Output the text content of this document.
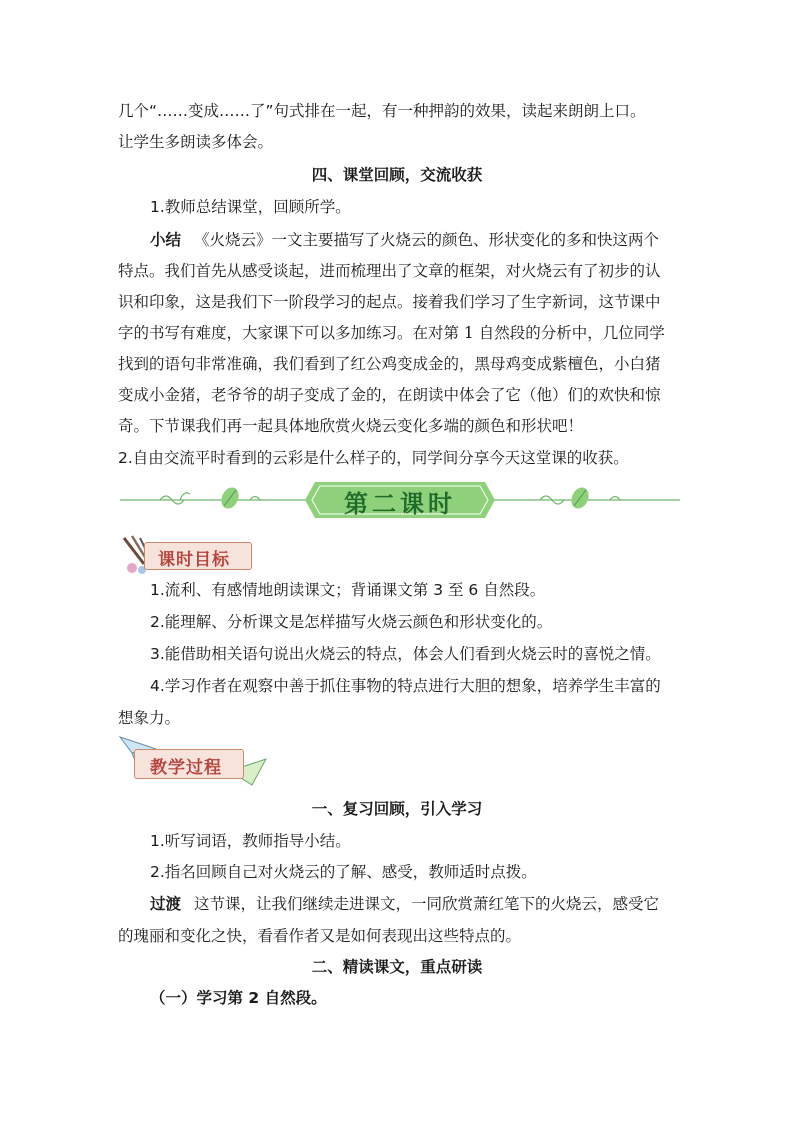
几个“……变成……了”句式排在一起，有一种押韵的效果，读起来朗朗上口。
让学生多朗读多体会。
四、课堂回顾，交流收获
1.教师总结课堂，回顾所学。
小结 《火烧云》一文主要描写了火烧云的颜色、形状变化的多和快这两个
特点。我们首先从感受谈起，进而梳理出了文章的框架，对火烧云有了初步的认
识和印象，这是我们下一阶段学习的起点。接着我们学习了生字新词，这节课中
字的书写有难度，大家课下可以多加练习。在对第 1 自然段的分析中，几位同学
找到的语句非常准确，我们看到了红公鸡变成金的，黑母鸡变成紫檀色，小白猪
变成小金猪，老爷爷的胡子变成了金的，在朗读中体会了它（他）们的欢快和惊
奇。下节课我们再一起具体地欣赏火烧云变化多端的颜色和形状吧！
2.自由交流平时看到的云彩是什么样子的，同学间分享今天这堂课的收获。
第二课时
课时目标
1.流利、有感情地朗读课文；背诵课文第 3 至 6 自然段。
2.能理解、分析课文是怎样描写火烧云颜色和形状变化的。
3.能借助相关语句说出火烧云的特点，体会人们看到火烧云时的喜悦之情。
4.学习作者在观察中善于抓住事物的特点进行大胆的想象，培养学生丰富的
想象力。
教学过程
一、复习回顾，引入学习
1.听写词语，教师指导小结。
2.指名回顾自己对火烧云的了解、感受，教师适时点拨。
过渡 这节课，让我们继续走进课文，一同欣赏萧红笔下的火烧云，感受它
的瑰丽和变化之快，看看作者又是如何表现出这些特点的。
二、精读课文，重点研读
（一）学习第 2 自然段。
